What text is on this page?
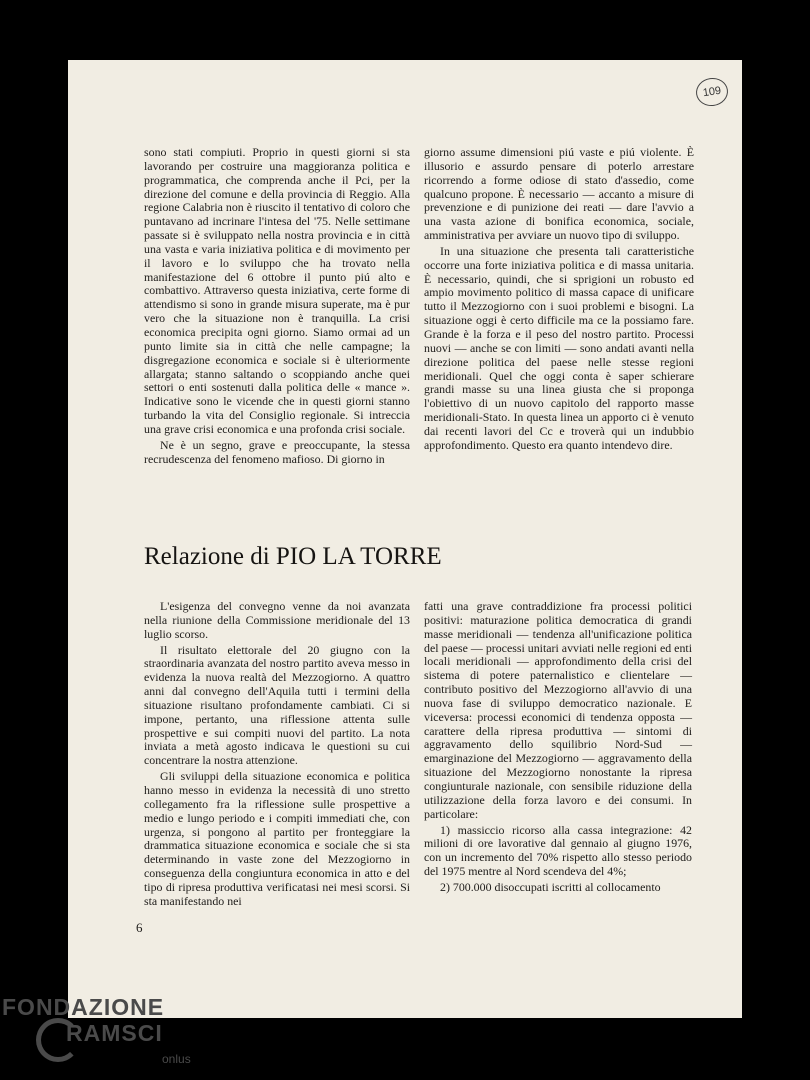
109

sono stati compiuti. Proprio in questi giorni si sta lavorando per costruire una maggioranza politica e programmatica, che comprenda anche il Pci, per la direzione del comune e della provincia di Reggio. Alla regione Calabria non è riuscito il tentativo di coloro che puntavano ad incrinare l'intesa del '75. Nelle settimane passate si è sviluppato nella nostra provincia e in città una vasta e varia iniziativa politica e di movimento per il lavoro e lo sviluppo che ha trovato nella manifestazione del 6 ottobre il punto piú alto e combattivo. Attraverso questa iniziativa, certe forme di attendismo si sono in grande misura superate, ma è pur vero che la situazione non è tranquilla. La crisi economica precipita ogni giorno. Siamo ormai ad un punto limite sia in città che nelle campagne; la disgregazione economica e sociale si è ulteriormente allargata; stanno saltando o scoppiando anche quei settori o enti sostenuti dalla politica delle « mance ». Indicative sono le vicende che in questi giorni stanno turbando la vita del Consiglio regionale. Si intreccia una grave crisi economica e una profonda crisi sociale.

Ne è un segno, grave e preoccupante, la stessa recrudescenza del fenomeno mafioso. Di giorno in

giorno assume dimensioni piú vaste e piú violente. È illusorio e assurdo pensare di poterlo arrestare ricorrendo a forme odiose di stato d'assedio, come qualcuno propone. È necessario — accanto a misure di prevenzione e di punizione dei reati — dare l'avvio a una vasta azione di bonifica economica, sociale, amministrativa per avviare un nuovo tipo di sviluppo.

In una situazione che presenta tali caratteristiche occorre una forte iniziativa politica e di massa unitaria. È necessario, quindi, che si sprigioni un robusto ed ampio movimento politico di massa capace di unificare tutto il Mezzogiorno con i suoi problemi e bisogni. La situazione oggi è certo difficile ma ce la possiamo fare. Grande è la forza e il peso del nostro partito. Processi nuovi — anche se con limiti — sono andati avanti nella direzione politica del paese nelle stesse regioni meridionali. Quel che oggi conta è saper schierare grandi masse su una linea giusta che si proponga l'obiettivo di un nuovo capitolo del rapporto masse meridionali-Stato. In questa linea un apporto ci è venuto dai recenti lavori del Cc e troverà qui un indubbio approfondimento. Questo era quanto intendevo dire.

Relazione di PIO LA TORRE

L'esigenza del convegno venne da noi avanzata nella riunione della Commissione meridionale del 13 luglio scorso.

Il risultato elettorale del 20 giugno con la straordinaria avanzata del nostro partito aveva messo in evidenza la nuova realtà del Mezzogiorno. A quattro anni dal convegno dell'Aquila tutti i termini della situazione risultano profondamente cambiati. Ci si impone, pertanto, una riflessione attenta sulle prospettive e sui compiti nuovi del partito. La nota inviata a metà agosto indicava le questioni su cui concentrare la nostra attenzione.

Gli sviluppi della situazione economica e politica hanno messo in evidenza la necessità di uno stretto collegamento fra la riflessione sulle prospettive a medio e lungo periodo e i compiti immediati che, con urgenza, si pongono al partito per fronteggiare la drammatica situazione economica e sociale che si sta determinando in vaste zone del Mezzogiorno in conseguenza della congiuntura economica in atto e del tipo di ripresa produttiva verificatasi nei mesi scorsi. Si sta manifestando nei

fatti una grave contraddizione fra processi politici positivi: maturazione politica democratica di grandi masse meridionali — tendenza all'unificazione politica del paese — processi unitari avviati nelle regioni ed enti locali meridionali — approfondimento della crisi del sistema di potere paternalistico e clientelare — contributo positivo del Mezzogiorno all'avvio di una nuova fase di sviluppo democratico nazionale. E viceversa: processi economici di tendenza opposta — carattere della ripresa produttiva — sintomi di aggravamento dello squilibrio Nord-Sud — emarginazione del Mezzogiorno — aggravamento della situazione del Mezzogiorno nonostante la ripresa congiunturale nazionale, con sensibile riduzione della utilizzazione della forza lavoro e dei consumi. In particolare:

1) massiccio ricorso alla cassa integrazione: 42 milioni di ore lavorative dal gennaio al giugno 1976, con un incremento del 70% rispetto allo stesso periodo del 1975 mentre al Nord scendeva del 4%;

2) 700.000 disoccupati iscritti al collocamento

6
FONDAZIONE
RAMSCI
onlus
